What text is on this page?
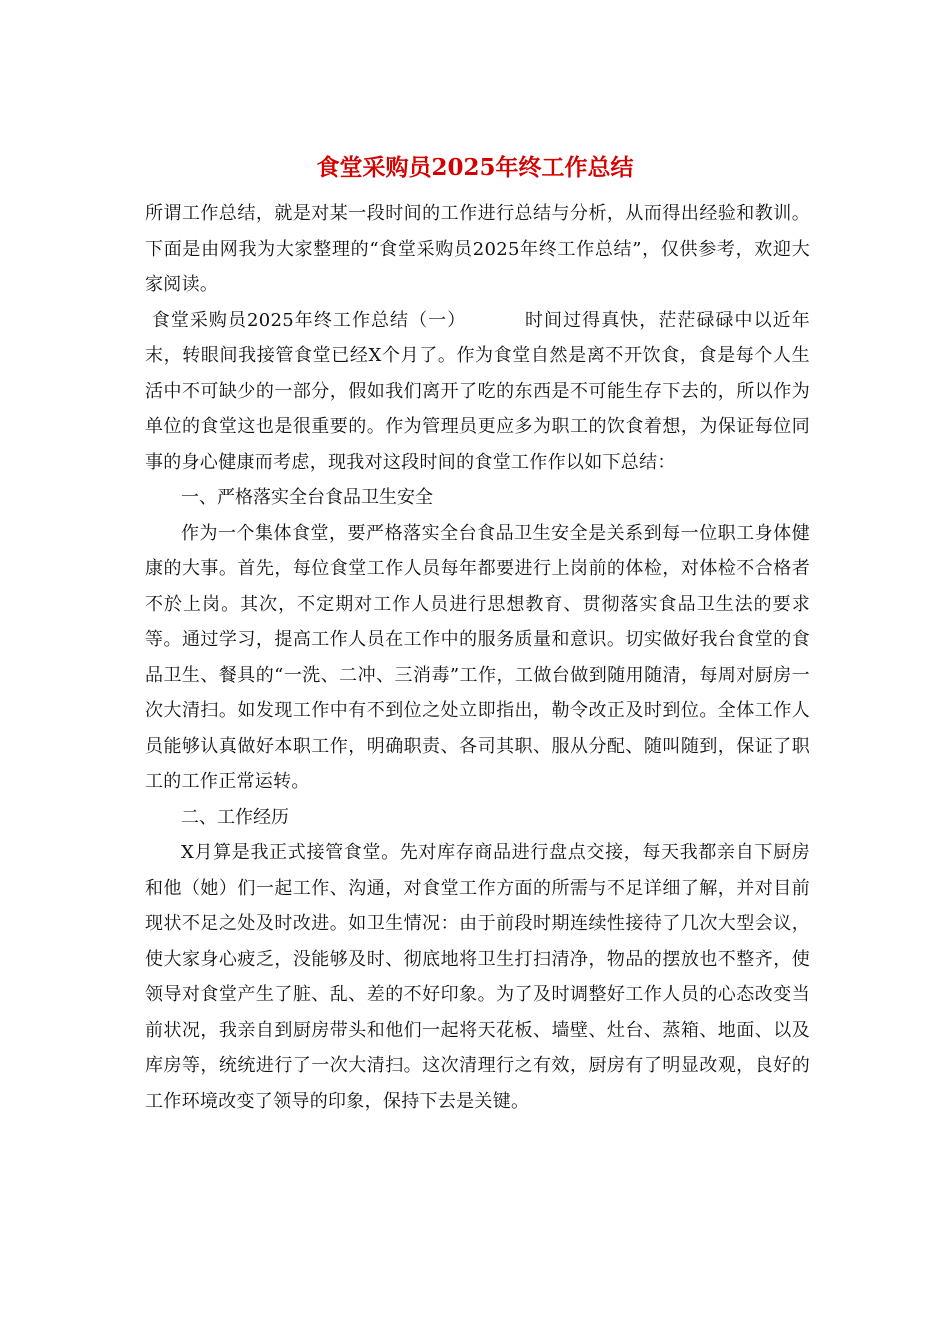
食堂采购员2025年终工作总结

所谓工作总结，就是对某一段时间的工作进行总结与分析，从而得出经验和教训。下面是由网我为大家整理的“食堂采购员2025年终工作总结”，仅供参考，欢迎大家阅读。

食堂采购员2025年终工作总结（一）	时间过得真快，茫茫碌碌中以近年末，转眼间我接管食堂已经X个月了。作为食堂自然是离不开饮食，食是每个人生活中不可缺少的一部分，假如我们离开了吃的东西是不可能生存下去的，所以作为单位的食堂这也是很重要的。作为管理员更应多为职工的饮食着想，为保证每位同事的身心健康而考虑，现我对这段时间的食堂工作作以如下总结：

一、严格落实全台食品卫生安全

作为一个集体食堂，要严格落实全台食品卫生安全是关系到每一位职工身体健康的大事。首先，每位食堂工作人员每年都要进行上岗前的体检，对体检不合格者不於上岗。其次，不定期对工作人员进行思想教育、贯彻落实食品卫生法的要求等。通过学习，提高工作人员在工作中的服务质量和意识。切实做好我台食堂的食品卫生、餐具的“一洗、二冲、三消毒”工作，工做台做到随用随清，每周对厨房一次大清扫。如发现工作中有不到位之处立即指出，勒令改正及时到位。全体工作人员能够认真做好本职工作，明确职责、各司其职、服从分配、随叫随到，保证了职工的工作正常运转。

二、工作经历

X月算是我正式接管食堂。先对库存商品进行盘点交接，每天我都亲自下厨房和他（她）们一起工作、沟通，对食堂工作方面的所需与不足详细了解，并对目前现状不足之处及时改进。如卫生情况：由于前段时期连续性接待了几次大型会议，使大家身心疲乏，没能够及时、彻底地将卫生打扫清净，物品的摆放也不整齐，使领导对食堂产生了脏、乱、差的不好印象。为了及时调整好工作人员的心态改变当前状况，我亲自到厨房带头和他们一起将天花板、墙壁、灶台、蒸箱、地面、以及库房等，统统进行了一次大清扫。这次清理行之有效，厨房有了明显改观，良好的工作环境改变了领导的印象，保持下去是关键。
